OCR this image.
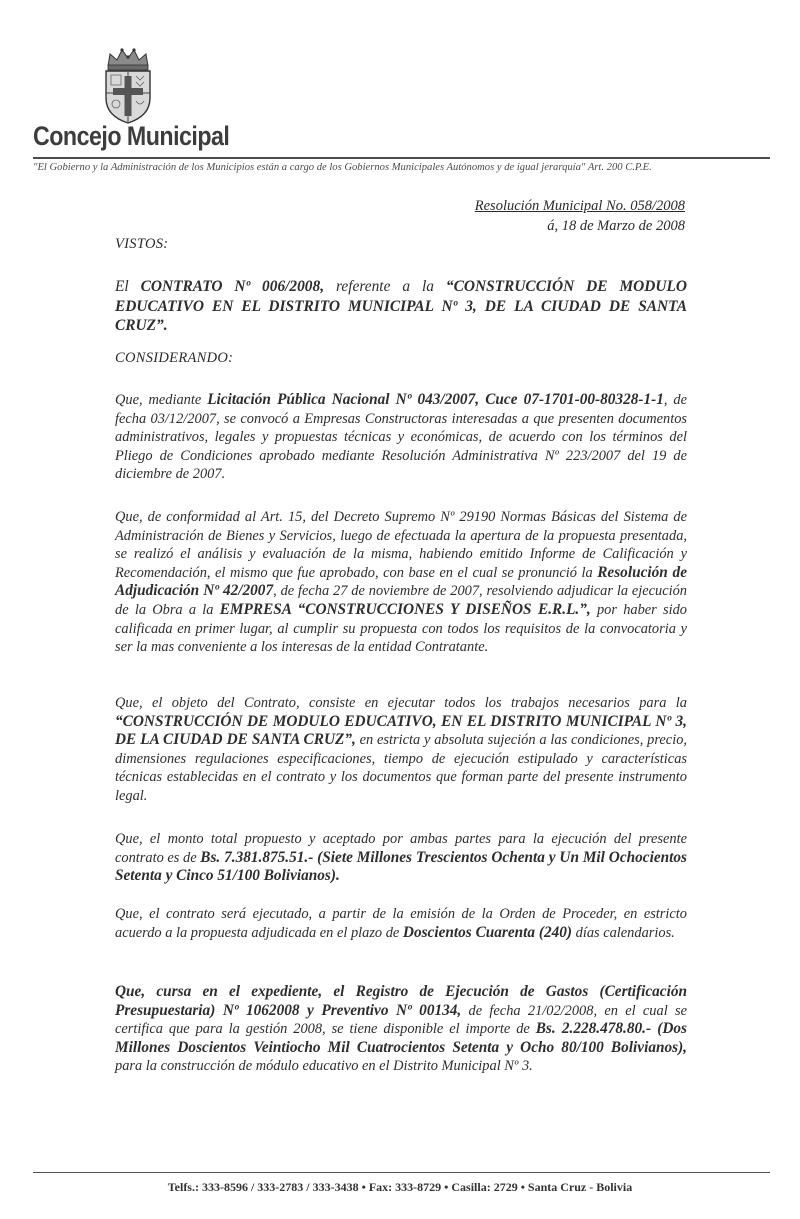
Concejo Municipal
"El Gobierno y la Administración de los Municipios están a cargo de los Gobiernos Municipales Autónomos y de igual jerarquía" Art. 200 C.P.E.
Resolución Municipal No. 058/2008
á, 18 de Marzo de 2008
VISTOS:
El CONTRATO Nº 006/2008, referente a la “CONSTRUCCIÓN DE MODULO EDUCATIVO EN EL DISTRITO MUNICIPAL Nº 3, DE LA CIUDAD DE SANTA CRUZ”.
CONSIDERANDO:
Que, mediante Licitación Pública Nacional Nº 043/2007, Cuce 07-1701-00-80328-1-1, de fecha 03/12/2007, se convocó a Empresas Constructoras interesadas a que presenten documentos administrativos, legales y propuestas técnicas y económicas, de acuerdo con los términos del Pliego de Condiciones aprobado mediante Resolución Administrativa Nº 223/2007 del 19 de diciembre de 2007.
Que, de conformidad al Art. 15, del Decreto Supremo Nº 29190 Normas Básicas del Sistema de Administración de Bienes y Servicios, luego de efectuada la apertura de la propuesta presentada, se realizó el análisis y evaluación de la misma, habiendo emitido Informe de Calificación y Recomendación, el mismo que fue aprobado, con base en el cual se pronunció la Resolución de Adjudicación Nº 42/2007, de fecha 27 de noviembre de 2007, resolviendo adjudicar la ejecución de la Obra a la EMPRESA “CONSTRUCCIONES Y DISEÑOS E.R.L.”, por haber sido calificada en primer lugar, al cumplir su propuesta con todos los requisitos de la convocatoria y ser la mas conveniente a los interesas de la entidad Contratante.
Que, el objeto del Contrato, consiste en ejecutar todos los trabajos necesarios para la “CONSTRUCCIÓN DE MODULO EDUCATIVO, EN EL DISTRITO MUNICIPAL Nº 3, DE LA CIUDAD DE SANTA CRUZ”, en estricta y absoluta sujeción a las condiciones, precio, dimensiones regulaciones especificaciones, tiempo de ejecución estipulado y características técnicas establecidas en el contrato y los documentos que forman parte del presente instrumento legal.
Que, el monto total propuesto y aceptado por ambas partes para la ejecución del presente contrato es de Bs. 7.381.875.51.- (Siete Millones Trescientos Ochenta y Un Mil Ochocientos Setenta y Cinco 51/100 Bolivianos).
Que, el contrato será ejecutado, a partir de la emisión de la Orden de Proceder, en estricto acuerdo a la propuesta adjudicada en el plazo de Doscientos Cuarenta (240) días calendarios.
Que, cursa en el expediente, el Registro de Ejecución de Gastos (Certificación Presupuestaria) Nº 1062008 y Preventivo Nº 00134, de fecha 21/02/2008, en el cual se certifica que para la gestión 2008, se tiene disponible el importe de Bs. 2.228.478.80.- (Dos Millones Doscientos Veintiocho Mil Cuatrocientos Setenta y Ocho 80/100 Bolivianos), para la construcción de módulo educativo en el Distrito Municipal Nº 3.
Telfs.: 333-8596 / 333-2783 / 333-3438 • Fax: 333-8729 • Casilla: 2729 • Santa Cruz - Bolivia
